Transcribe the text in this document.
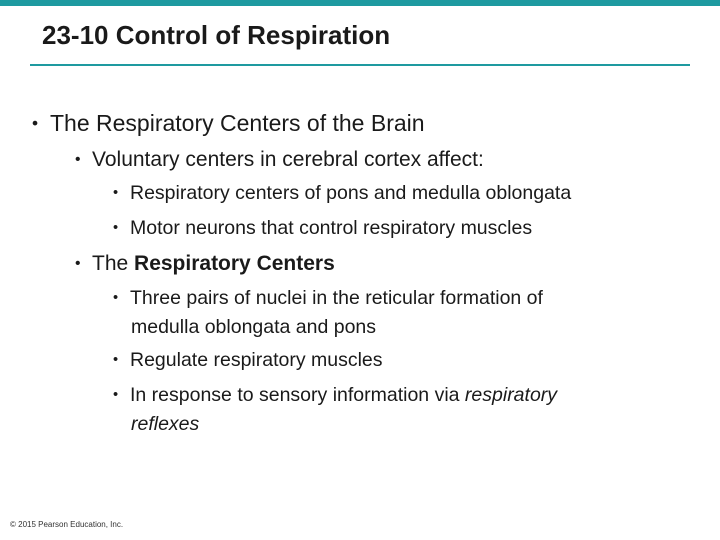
23-10 Control of Respiration
• The Respiratory Centers of the Brain
• Voluntary centers in cerebral cortex affect:
• Respiratory centers of pons and medulla oblongata
• Motor neurons that control respiratory muscles
• The Respiratory Centers
• Three pairs of nuclei in the reticular formation of
medulla oblongata and pons
• Regulate respiratory muscles
• In response to sensory information via respiratory
reflexes
© 2015 Pearson Education, Inc.
